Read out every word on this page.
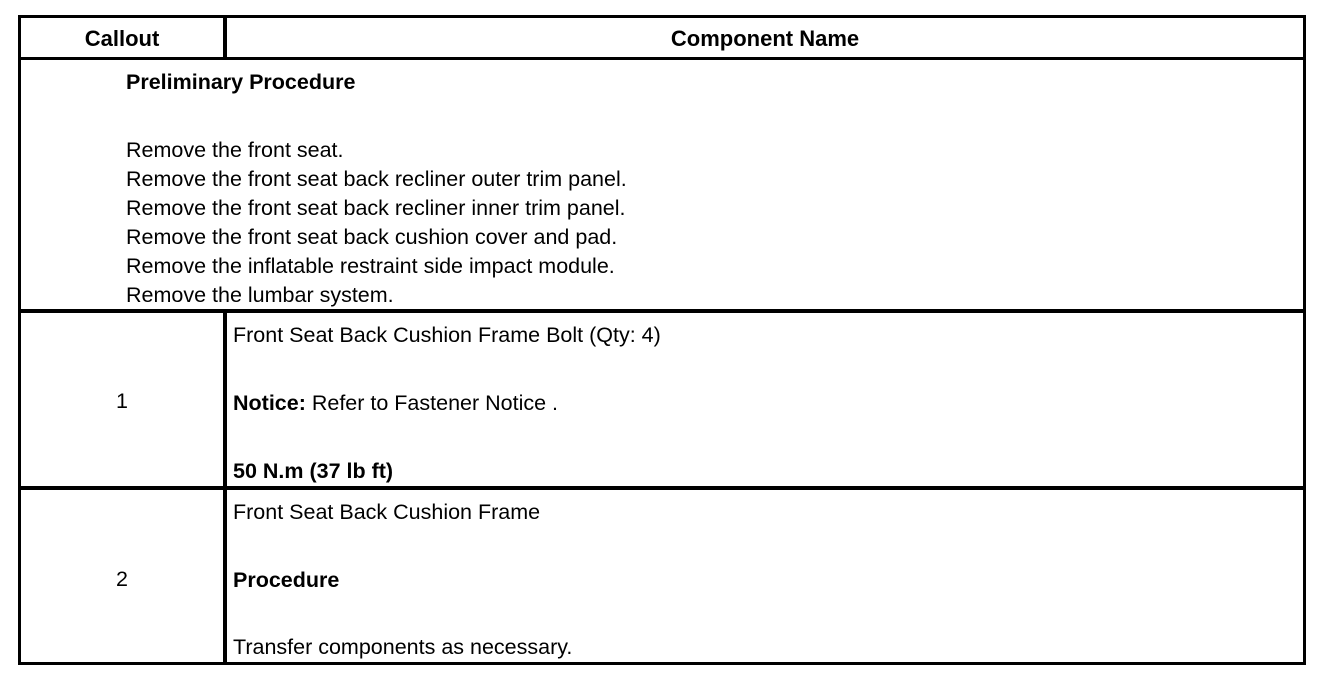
Callout	Component Name
Preliminary Procedure
Remove the front seat.
Remove the front seat back recliner outer trim panel.
Remove the front seat back recliner inner trim panel.
Remove the front seat back cushion cover and pad.
Remove the inflatable restraint side impact module.
Remove the lumbar system.
1
Front Seat Back Cushion Frame Bolt (Qty: 4)
Notice: Refer to Fastener Notice .
50 N.m (37 lb ft)
2
Front Seat Back Cushion Frame
Procedure
Transfer components as necessary.
